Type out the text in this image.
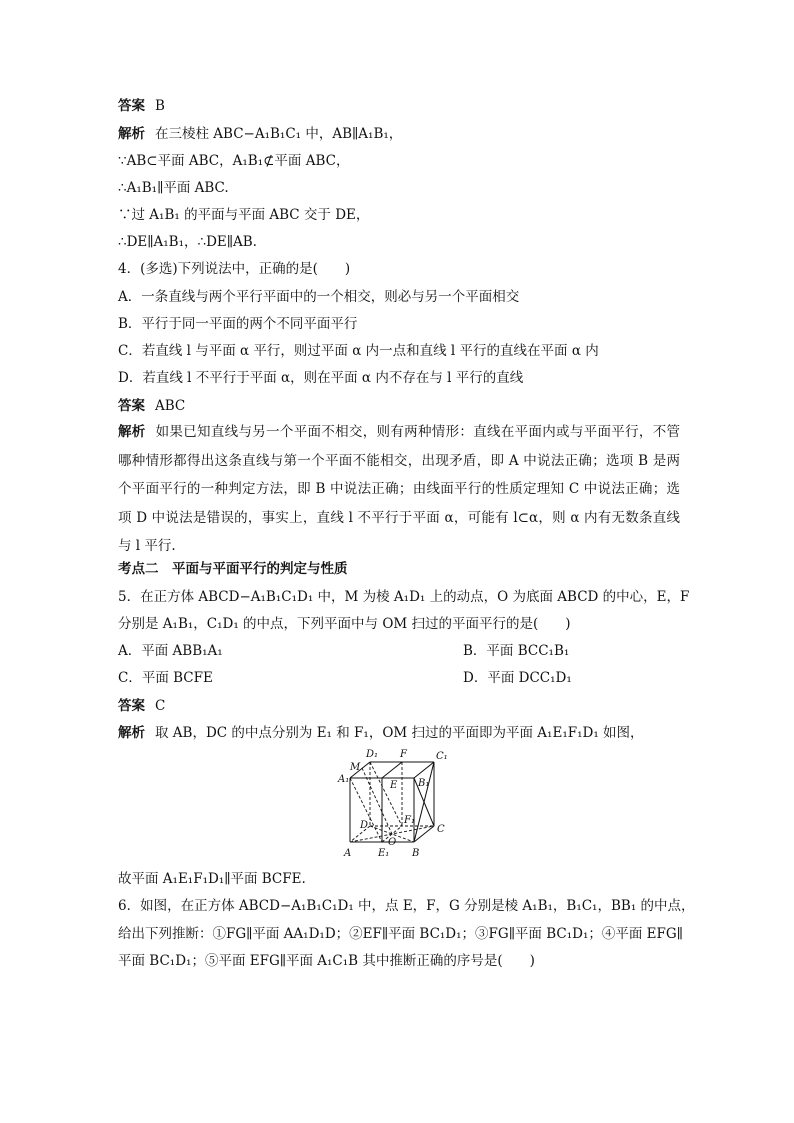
答案 B
解析 在三棱柱 ABC−A₁B₁C₁ 中，AB∥A₁B₁，
∵AB⊂平面 ABC，A₁B₁⊄平面 ABC，
∴A₁B₁∥平面 ABC.
∵过 A₁B₁ 的平面与平面 ABC 交于 DE，
∴DE∥A₁B₁，∴DE∥AB.
4．(多选)下列说法中，正确的是(　　)
A．一条直线与两个平行平面中的一个相交，则必与另一个平面相交
B．平行于同一平面的两个不同平面平行
C．若直线 l 与平面 α 平行，则过平面 α 内一点和直线 l 平行的直线在平面 α 内
D．若直线 l 不平行于平面 α，则在平面 α 内不存在与 l 平行的直线
答案 ABC
解析 如果已知直线与另一个平面不相交，则有两种情形：直线在平面内或与平面平行，不管哪种情形都得出这条直线与第一个平面不能相交，出现矛盾，即 A 中说法正确；选项 B 是两个平面平行的一种判定方法，即 B 中说法正确；由线面平行的性质定理知 C 中说法正确；选项 D 中说法是错误的，事实上，直线 l 不平行于平面 α，可能有 l⊂α，则 α 内有无数条直线与 l 平行.
考点二　平面与平面平行的判定与性质
5．在正方体 ABCD−A₁B₁C₁D₁ 中，M 为棱 A₁D₁ 上的动点，O 为底面 ABCD 的中心，E，F
分别是 A₁B₁，C₁D₁ 的中点，下列平面中与 OM 扫过的平面平行的是(　　)
A．平面 ABB₁A₁	B．平面 BCC₁B₁
C．平面 BCFE	D．平面 DCC₁D₁
答案 C
解析 取 AB，DC 的中点分别为 E₁ 和 F₁，OM 扫过的平面即为平面 A₁E₁F₁D₁ 如图，
D₁ F	C₁
M
A₁
E B₁
F₁
D	C
O
A	E₁ B
故平面 A₁E₁F₁D₁∥平面 BCFE.
6．如图，在正方体 ABCD−A₁B₁C₁D₁ 中，点 E，F，G 分别是棱 A₁B₁，B₁C₁，BB₁ 的中点，
给出下列推断：①FG∥平面 AA₁D₁D；②EF∥平面 BC₁D₁；③FG∥平面 BC₁D₁；④平面 EFG∥
平面 BC₁D₁；⑤平面 EFG∥平面 A₁C₁B 其中推断正确的序号是(　　)
